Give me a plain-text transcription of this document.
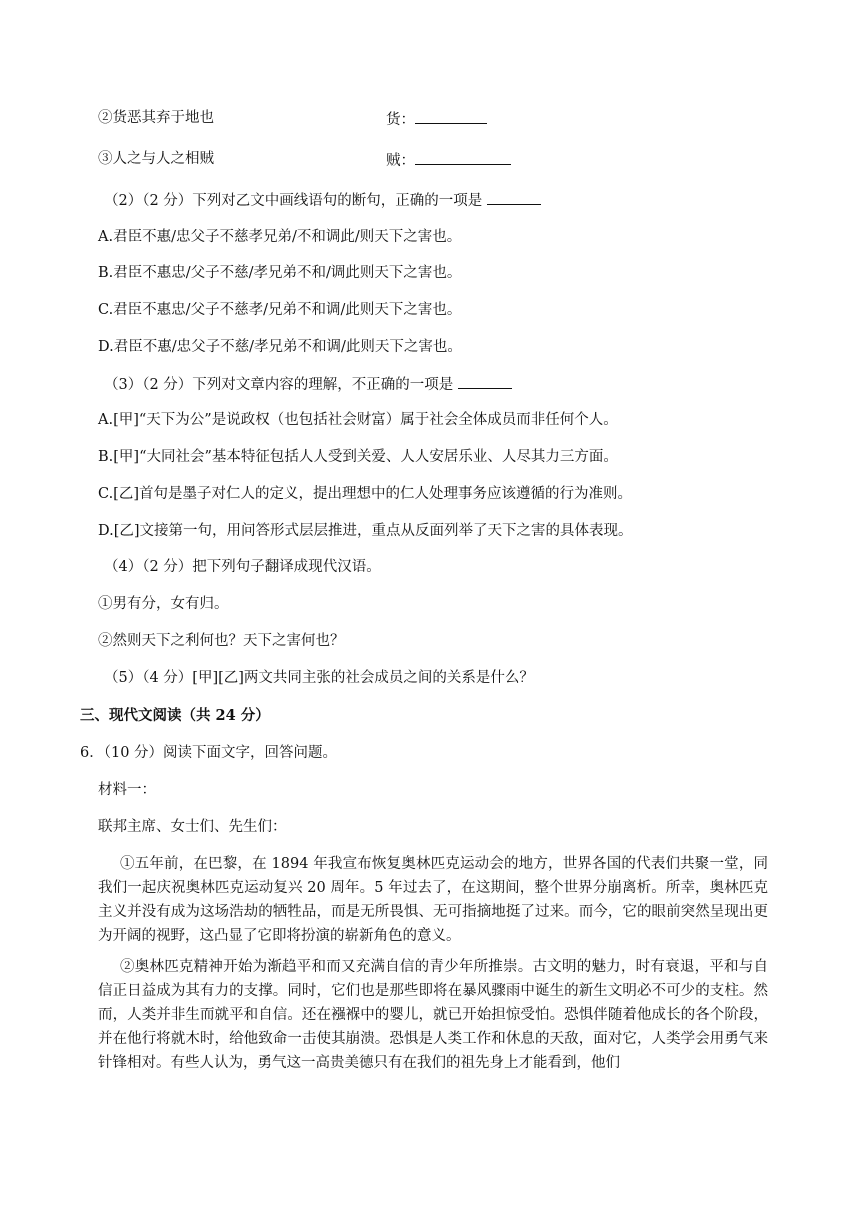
②货恶其弃于地也	货：
③人之与人之相贼	贼：
（2）（2 分）下列对乙文中画线语句的断句，正确的一项是
A.君臣不惠/忠父子不慈孝兄弟/不和调此/则天下之害也。
B.君臣不惠忠/父子不慈/孝兄弟不和/调此则天下之害也。
C.君臣不惠忠/父子不慈孝/兄弟不和调/此则天下之害也。
D.君臣不惠/忠父子不慈/孝兄弟不和调/此则天下之害也。
（3）（2 分）下列对文章内容的理解，不正确的一项是
A.[甲]“天下为公”是说政权（也包括社会财富）属于社会全体成员而非任何个人。
B.[甲]“大同社会”基本特征包括人人受到关爱、人人安居乐业、人尽其力三方面。
C.[乙]首句是墨子对仁人的定义，提出理想中的仁人处理事务应该遵循的行为准则。
D.[乙]文接第一句，用问答形式层层推进，重点从反面列举了天下之害的具体表现。
（4）（2 分）把下列句子翻译成现代汉语。
①男有分，女有归。
②然则天下之利何也？天下之害何也？
（5）（4 分）[甲][乙]两文共同主张的社会成员之间的关系是什么？
三、现代文阅读（共 24 分）
6．（10 分）阅读下面文字，回答问题。
材料一：
联邦主席、女士们、先生们：
①五年前，在巴黎，在 1894 年我宣布恢复奥林匹克运动会的地方，世界各国的代表们共聚一堂，同我们一起庆祝奥林匹克运动复兴 20 周年。5 年过去了，在这期间，整个世界分崩离析。所幸，奥林匹克主义并没有成为这场浩劫的牺牲品，而是无所畏惧、无可指摘地挺了过来。而今，它的眼前突然呈现出更为开阔的视野，这凸显了它即将扮演的崭新角色的意义。
②奥林匹克精神开始为渐趋平和而又充满自信的青少年所推崇。古文明的魅力，时有衰退，平和与自信正日益成为其有力的支撑。同时，它们也是那些即将在暴风骤雨中诞生的新生文明必不可少的支柱。然而，人类并非生而就平和自信。还在襁褓中的婴儿，就已开始担惊受怕。恐惧伴随着他成长的各个阶段，并在他行将就木时，给他致命一击使其崩溃。恐惧是人类工作和休息的天敌，面对它，人类学会用勇气来针锋相对。有些人认为，勇气这一高贵美德只有在我们的祖先身上才能看到，他们
